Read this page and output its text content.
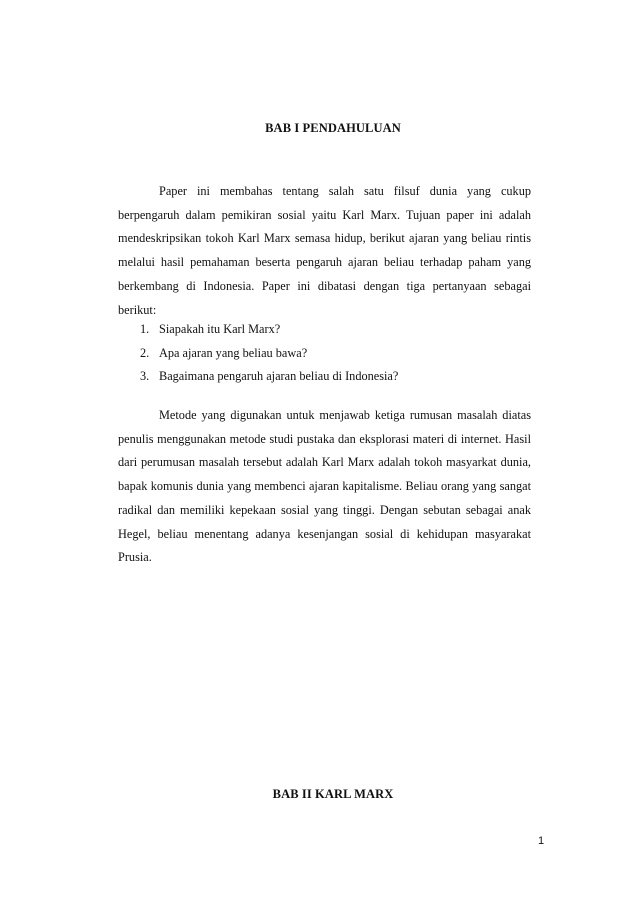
BAB I PENDAHULUAN

Paper ini membahas tentang salah satu filsuf dunia yang cukup berpengaruh dalam pemikiran sosial yaitu Karl Marx. Tujuan paper ini adalah mendeskripsikan tokoh Karl Marx semasa hidup, berikut ajaran yang beliau rintis melalui hasil pemahaman beserta pengaruh ajaran beliau terhadap paham yang berkembang di Indonesia. Paper ini dibatasi dengan tiga pertanyaan sebagai berikut:

1. Siapakah itu Karl Marx?
2. Apa ajaran yang beliau bawa?
3. Bagaimana pengaruh ajaran beliau di Indonesia?

Metode yang digunakan untuk menjawab ketiga rumusan masalah diatas penulis menggunakan metode studi pustaka dan eksplorasi materi di internet. Hasil dari perumusan masalah tersebut adalah Karl Marx adalah tokoh masyarkat dunia, bapak komunis dunia yang membenci ajaran kapitalisme. Beliau orang yang sangat radikal dan memiliki kepekaan sosial yang tinggi. Dengan sebutan sebagai anak Hegel, beliau menentang adanya kesenjangan sosial di kehidupan masyarakat Prusia.

BAB II KARL MARX
1
